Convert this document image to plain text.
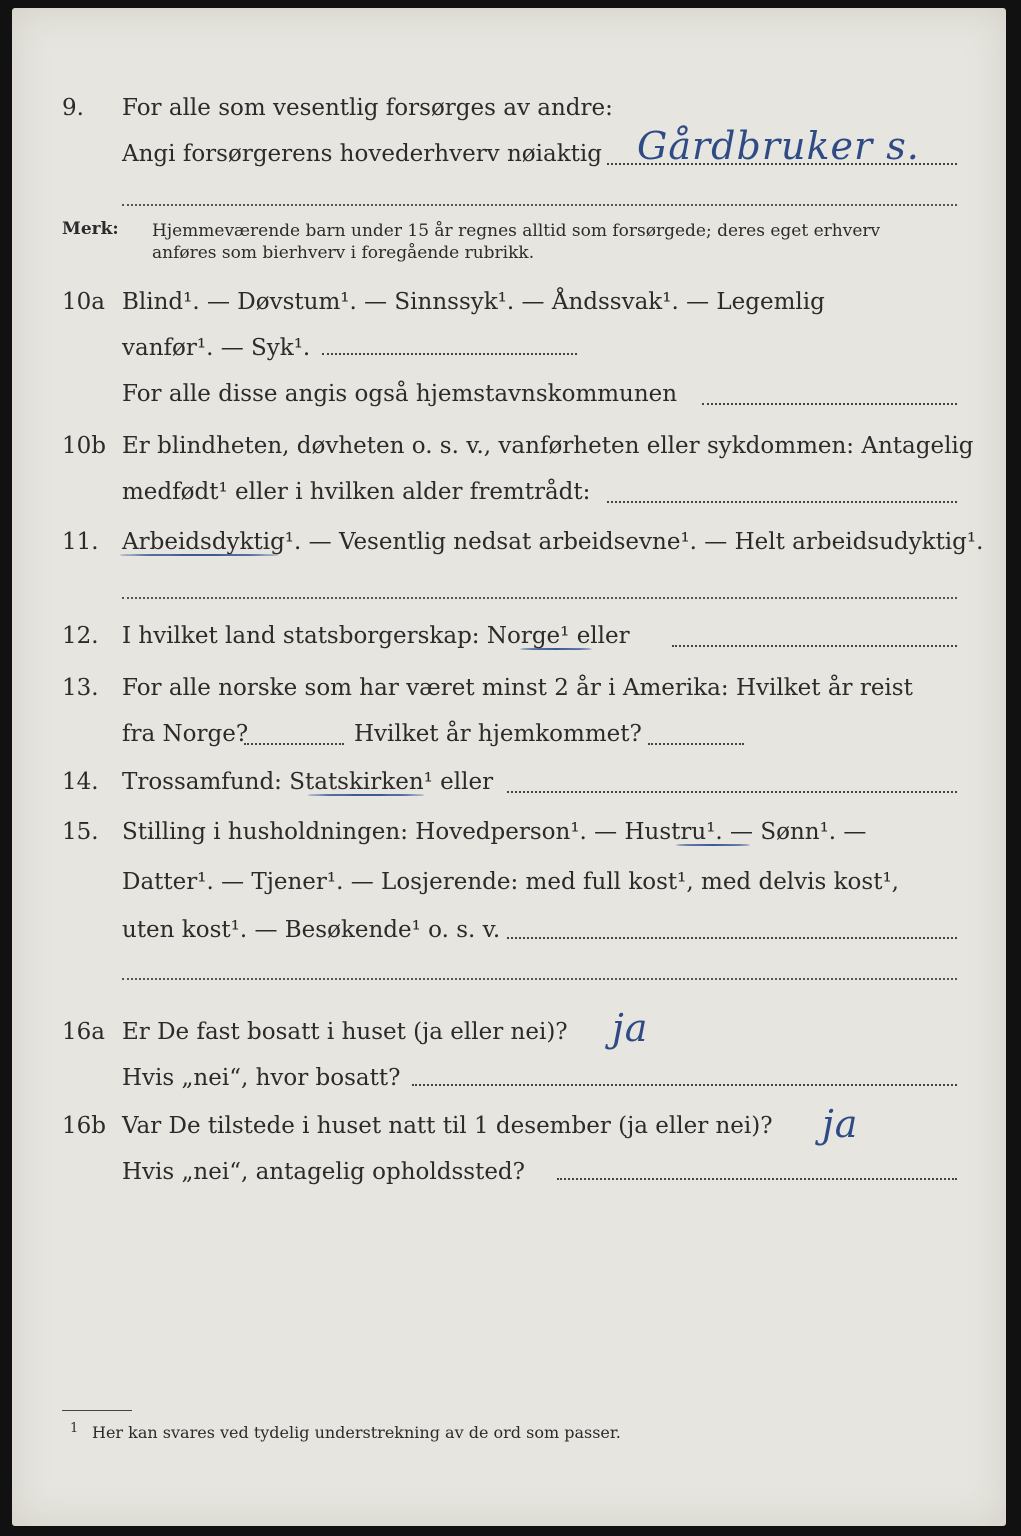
9. For alle som vesentlig forsørges av andre:
Angi forsørgerens hovederhverv nøiaktig Gårdbruker s.
Merk: Hjemmeværende barn under 15 år regnes alltid som forsørgede; deres eget erhverv
anføres som bierhverv i foregående rubrikk.
10a Blind¹. — Døvstum¹. — Sinnssyk¹. — Åndssvak¹. — Legemlig
vanfør¹. — Syk¹.
For alle disse angis også hjemstavnskommunen
10b Er blindheten, døvheten o. s. v., vanførheten eller sykdommen: Antagelig
medfødt¹ eller i hvilken alder fremtrådt:
11. Arbeidsdyktig¹. — Vesentlig nedsat arbeidsevne¹. — Helt arbeidsudyktig¹.
12. I hvilket land statsborgerskap: Norge¹ eller
13. For alle norske som har været minst 2 år i Amerika: Hvilket år reist
fra Norge?	Hvilket år hjemkommet?
14. Trossamfund: Statskirken¹ eller
15. Stilling i husholdningen: Hovedperson¹. — Hustru¹. — Sønn¹. —
Datter¹. — Tjener¹. — Losjerende: med full kost¹, med delvis kost¹,
uten kost¹. — Besøkende¹ o. s. v.
16a Er De fast bosatt i huset (ja eller nei)? ja
Hvis „nei“, hvor bosatt?
16b Var De tilstede i huset natt til 1 desember (ja eller nei)? ja
Hvis „nei“, antagelig opholdssted?
1 Her kan svares ved tydelig understrekning av de ord som passer.
